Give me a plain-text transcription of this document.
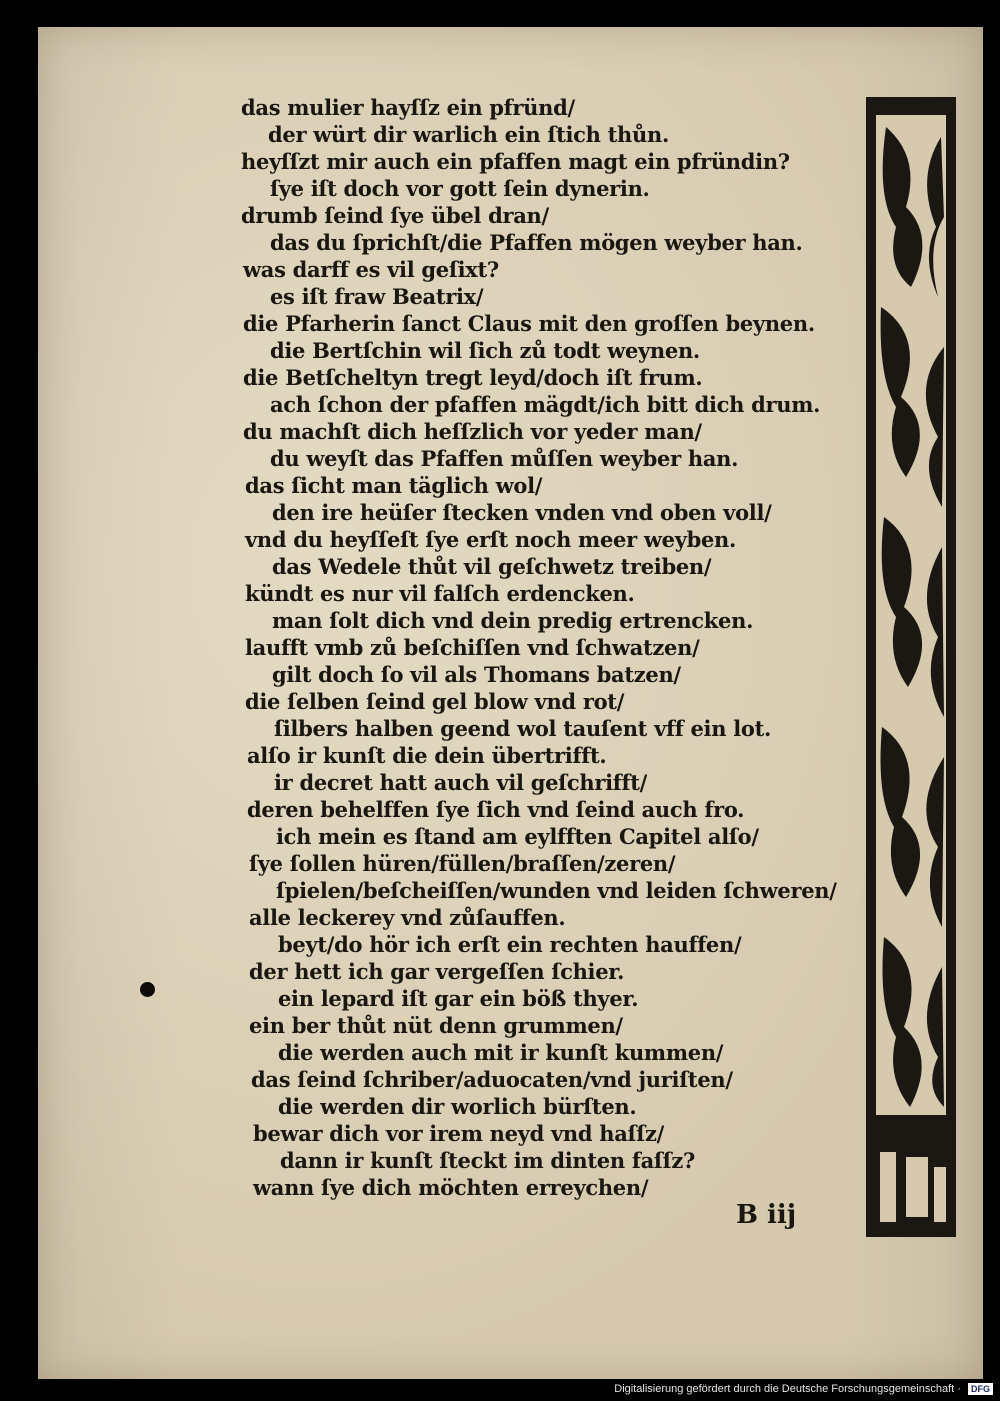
das mulier hayſſz ein pfründ/
der würt dir warlich ein ſtich thůn.
heyſſzt mir auch ein pfaffen magt ein pfründin?
ſye iſt doch vor gott ſein dynerin.
drumb ſeind ſye übel dran/
das du ſprichſt/die Pfaffen mögen weyber han.
was darff es vil geſixt?
es iſt fraw Beatrix/
die Pfarherin ſanct Claus mit den groſſen beynen.
die Bertſchin wil ſich zů todt weynen.
die Betſcheltyn tregt leyd/doch iſt frum.
ach ſchon der pfaffen mägdt/ich bitt dich drum.
du machſt dich heſſzlich vor yeder man/
du weyſt das Pfaffen můſſen weyber han.
das ſicht man täglich wol/
den ire heüſer ſtecken vnden vnd oben voll/
vnd du heyſſeſt ſye erſt noch meer weyben.
das Wedele thůt vil geſchwetz treiben/
kündt es nur vil falſch erdencken.
man ſolt dich vnd dein predig ertrencken.
laufft vmb zů beſchiſſen vnd ſchwatzen/
gilt doch ſo vil als Thomans batzen/
die ſelben ſeind gel blow vnd rot/
ſilbers halben geend wol tauſent vff ein lot.
alſo ir kunſt die dein übertrifft.
ir decret hatt auch vil geſchrifft/
deren behelffen ſye ſich vnd ſeind auch fro.
ich mein es ſtand am eylfften Capitel alſo/
ſye ſollen hüren/füllen/braſſen/zeren/
ſpielen/beſcheiſſen/wunden vnd leiden ſchweren/
alle leckerey vnd zůſauffen.
beyt/do hör ich erſt ein rechten hauffen/
der hett ich gar vergeſſen ſchier.
ein lepard iſt gar ein böß thyer.
ein ber thůt nüt denn grummen/
die werden auch mit ir kunſt kummen/
das ſeind ſchriber/aduocaten/vnd juriſten/
die werden dir worlich bürſten.
bewar dich vor irem neyd vnd haſſz/
dann ir kunſt ſteckt im dinten faſſz?
wann ſye dich möchten erreychen/
B iij
Digitalisierung gefördert durch die Deutsche Forschungsgemeinschaft · DFG
